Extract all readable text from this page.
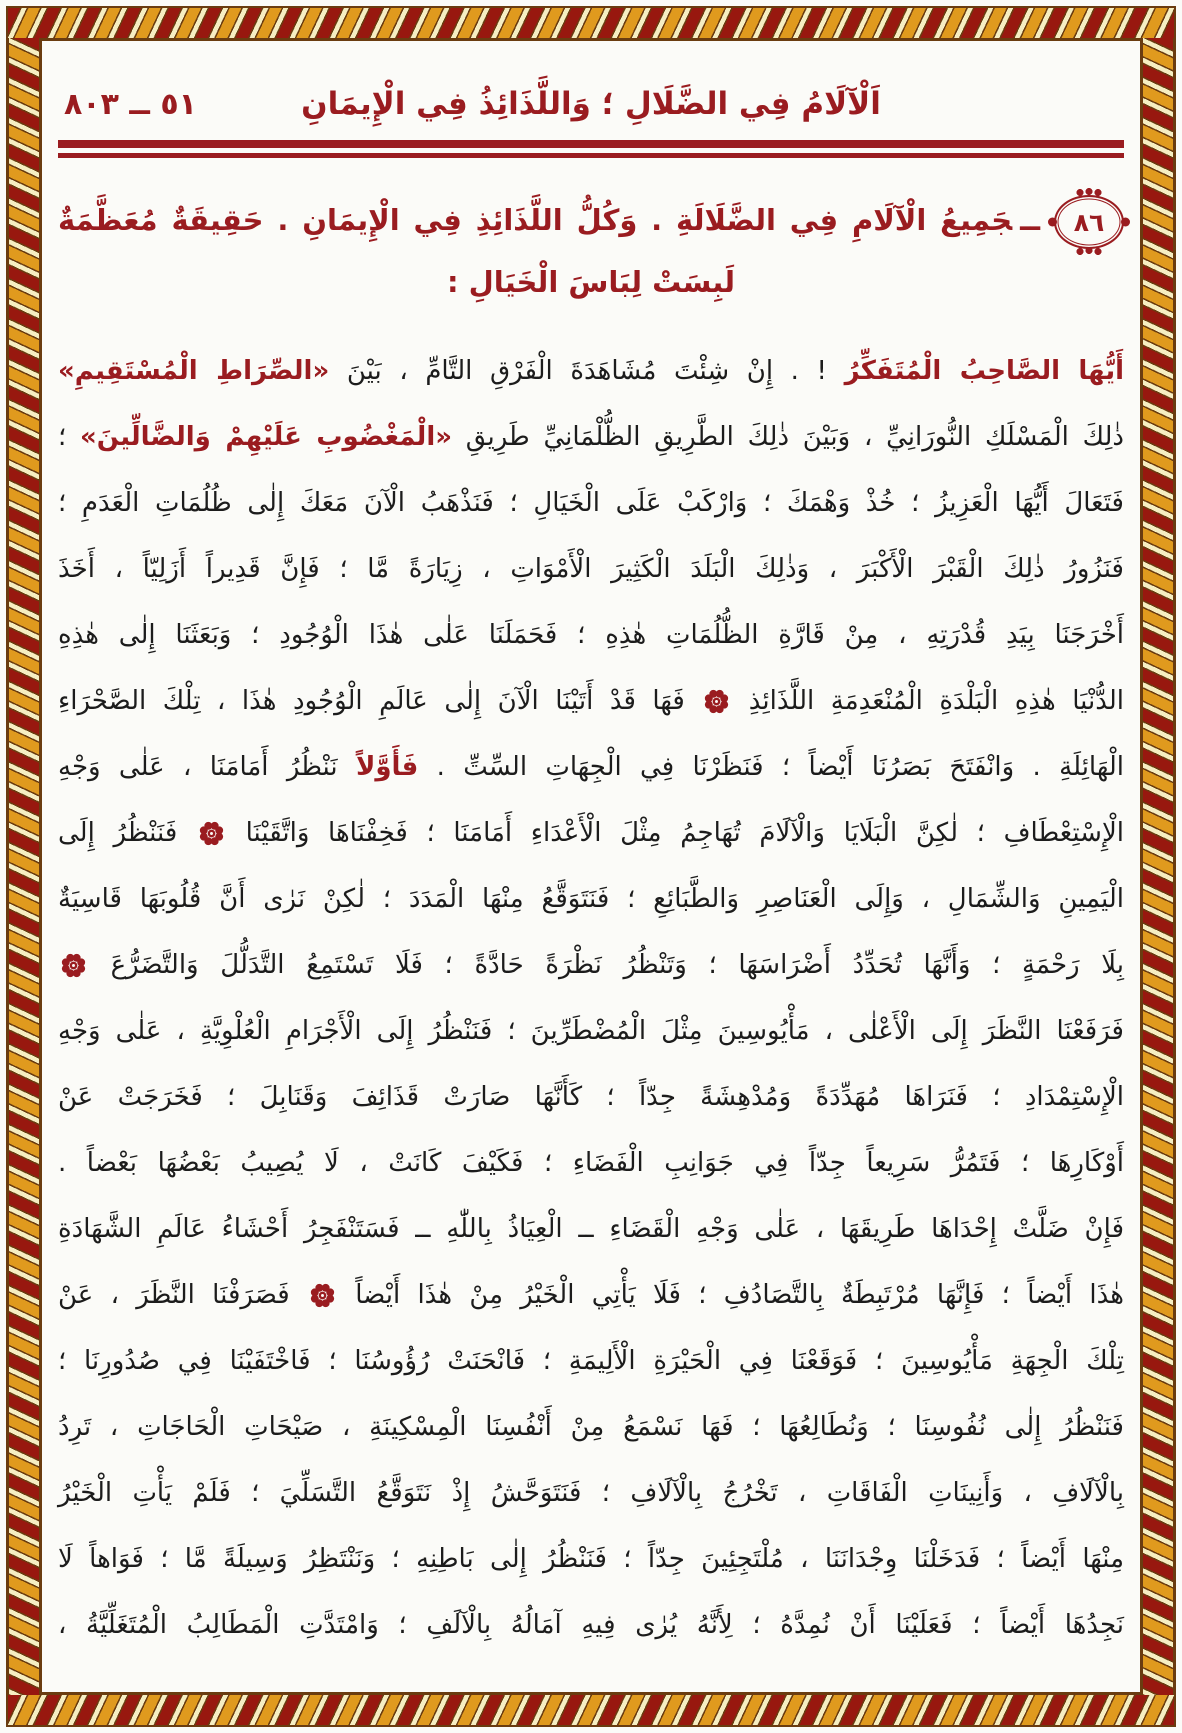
٥١ ــ ٨٠٣	اَلْآلَامُ فِي الضَّلَالِ ؛ وَاللَّذَائِذُ فِي الْإِيمَانِ
٨٦
ــجَمِيعُ الْآلَامِ فِي الضَّلَالَةِ . وَكُلُّ اللَّذَائِذِ فِي الْإِيمَانِ . حَقِيقَةٌ مُعَظَّمَةٌ
لَبِسَتْ لِبَاسَ الْخَيَالِ :
أَيُّهَا الصَّاحِبُ الْمُتَفَكِّرُ ! . إِنْ شِئْتَ مُشَاهَدَةَ الْفَرْقِ التَّامِّ ، بَيْنَ «الصِّرَاطِ الْمُسْتَقِيمِ»
ذٰلِكَ الْمَسْلَكِ النُّورَانِيِّ ، وَبَيْنَ ذٰلِكَ الطَّرِيقِ الظُّلْمَانِيِّ طَرِيقِ «الْمَغْضُوبِ عَلَيْهِمْ وَالضَّالِّينَ» ؛
فَتَعَالَ أَيُّهَا الْعَزِيزُ ؛ خُذْ وَهْمَكَ ؛ وَارْكَبْ عَلَى الْخَيَالِ ؛ فَنَذْهَبُ الْآنَ مَعَكَ إِلٰى ظُلُمَاتِ الْعَدَمِ ؛
فَنَزُورُ ذٰلِكَ الْقَبْرَ الْأَكْبَرَ ، وَذٰلِكَ الْبَلَدَ الْكَثِيرَ الْأَمْوَاتِ ، زِيَارَةً مَّا ؛ فَإِنَّ قَدِيراً أَزَلِيّاً ، أَخَذَ
أَخْرَجَنَا بِيَدِ قُدْرَتِهِ ، مِنْ قَارَّةِ الظُّلُمَاتِ هٰذِهِ ؛ فَحَمَلَنَا عَلٰى هٰذَا الْوُجُودِ ؛ وَبَعَثَنَا إِلٰى هٰذِهِ
الدُّنْيَا هٰذِهِ الْبَلْدَةِ الْمُنْعَدِمَةِ اللَّذَائِذِ  فَهَا قَدْ أَتَيْنَا الْآنَ إِلٰى عَالَمِ الْوُجُودِ هٰذَا ، تِلْكَ الصَّحْرَاءِ
الْهَائِلَةِ . وَانْفَتَحَ بَصَرُنَا أَيْضاً ؛ فَنَظَرْنَا فِي الْجِهَاتِ السِّتِّ . فَأَوَّلاً نَنْظُرُ أَمَامَنَا ، عَلٰى وَجْهِ
الْإِسْتِعْطَافِ ؛ لٰكِنَّ الْبَلَايَا وَالْآلَامَ تُهَاجِمُ مِثْلَ الْأَعْدَاءِ أَمَامَنَا ؛ فَخِفْنَاهَا وَاتَّقَيْنَا  فَنَنْظُرُ إِلَى
الْيَمِينِ وَالشِّمَالِ ، وَإِلَى الْعَنَاصِرِ وَالطَّبَائِعِ ؛ فَنَتَوَقَّعُ مِنْهَا الْمَدَدَ ؛ لٰكِنْ نَرٰى أَنَّ قُلُوبَهَا قَاسِيَةٌ
بِلَا رَحْمَةٍ ؛ وَأَنَّهَا تُحَدِّدُ أَضْرَاسَهَا ؛ وَتَنْظُرُ نَظْرَةً حَادَّةً ؛ فَلَا تَسْتَمِعُ التَّدَلُّلَ وَالتَّضَرُّعَ
فَرَفَعْنَا النَّظَرَ إِلَى الْأَعْلٰى ، مَأْيُوسِينَ مِثْلَ الْمُضْطَرِّينَ ؛ فَنَنْظُرُ إِلَى الْأَجْرَامِ الْعُلْوِيَّةِ ، عَلٰى وَجْهِ
الْإِسْتِمْدَادِ ؛ فَنَرَاهَا مُهَدِّدَةً وَمُدْهِشَةً جِدّاً ؛ كَأَنَّهَا صَارَتْ قَذَائِفَ وَقَنَابِلَ ؛ فَخَرَجَتْ عَنْ
أَوْكَارِهَا ؛ فَتَمُرُّ سَرِيعاً جِدّاً فِي جَوَانِبِ الْفَضَاءِ ؛ فَكَيْفَ كَانَتْ ، لَا يُصِيبُ بَعْضُهَا بَعْضاً .
فَإِنْ ضَلَّتْ إِحْدَاهَا طَرِيقَهَا ، عَلٰى وَجْهِ الْقَضَاءِ ــ الْعِيَاذُ بِاللّٰهِ ــ فَسَتَنْفَجِرُ أَحْشَاءُ عَالَمِ الشَّهَادَةِ
هٰذَا أَيْضاً ؛ فَإِنَّهَا مُرْتَبِطَةٌ بِالتَّصَادُفِ ؛ فَلَا يَأْتِي الْخَيْرُ مِنْ هٰذَا أَيْضاً  فَصَرَفْنَا النَّظَرَ ، عَنْ
تِلْكَ الْجِهَةِ مَأْيُوسِينَ ؛ فَوَقَعْنَا فِي الْحَيْرَةِ الْأَلِيمَةِ ؛ فَانْحَنَتْ رُؤُوسُنَا ؛ فَاخْتَفَيْنَا فِي صُدُورِنَا ؛
فَنَنْظُرُ إِلٰى نُفُوسِنَا ؛ وَنُطَالِعُهَا ؛ فَهَا نَسْمَعُ مِنْ أَنْفُسِنَا الْمِسْكِينَةِ ، صَيْحَاتِ الْحَاجَاتِ ، تَرِدُ
بِالْآلَافِ ، وَأَنِينَاتِ الْفَاقَاتِ ، تَخْرُجُ بِالْآلَافِ ؛ فَنَتَوَحَّشُ إِذْ نَتَوَقَّعُ التَّسَلِّيَ ؛ فَلَمْ يَأْتِ الْخَيْرُ
مِنْهَا أَيْضاً ؛ فَدَخَلْنَا وِجْدَانَنَا ، مُلْتَجِئِينَ جِدّاً ؛ فَنَنْظُرُ إِلٰى بَاطِنِهِ ؛ وَنَنْتَظِرُ وَسِيلَةً مَّا ؛ فَوَاهاً لَا
نَجِدُهَا أَيْضاً ؛ فَعَلَيْنَا أَنْ نُمِدَّهُ ؛ لِأَنَّهُ يُرٰى فِيهِ آمَالُهُ بِالْآلَفِ ؛ وَامْتَدَّتِ الْمَطَالِبُ الْمُتَغَلِّيَّةُ ،
